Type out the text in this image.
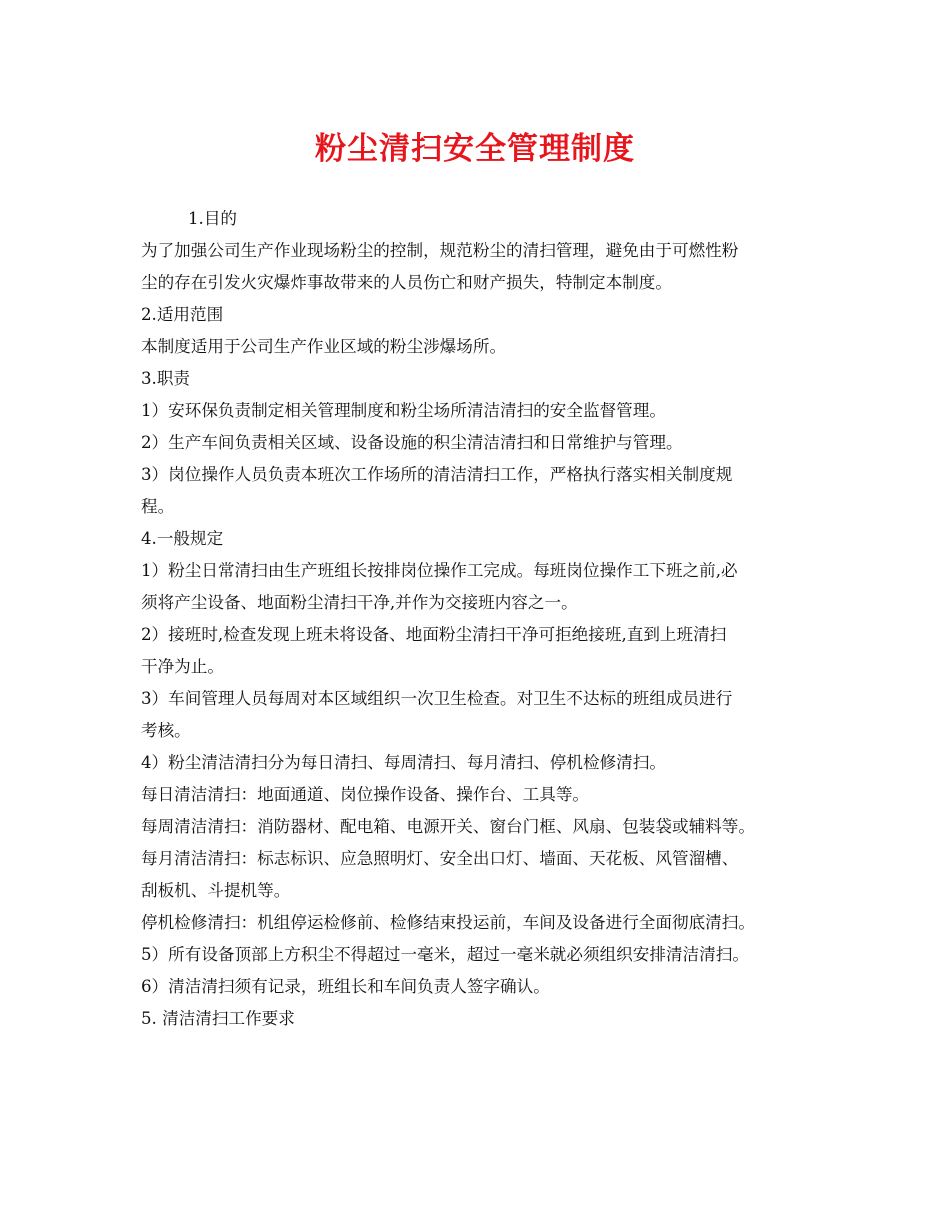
粉尘清扫安全管理制度
1.目的
为了加强公司生产作业现场粉尘的控制，规范粉尘的清扫管理，避免由于可燃性粉
尘的存在引发火灾爆炸事故带来的人员伤亡和财产损失，特制定本制度。
2.适用范围
本制度适用于公司生产作业区域的粉尘涉爆场所。
3.职责
1）安环保负责制定相关管理制度和粉尘场所清洁清扫的安全监督管理。
2）生产车间负责相关区域、设备设施的积尘清洁清扫和日常维护与管理。
3）岗位操作人员负责本班次工作场所的清洁清扫工作，严格执行落实相关制度规
程。
4.一般规定
1）粉尘日常清扫由生产班组长按排岗位操作工完成。每班岗位操作工下班之前,必
须将产尘设备、地面粉尘清扫干净,并作为交接班内容之一。
2）接班时,检查发现上班未将设备、地面粉尘清扫干净可拒绝接班,直到上班清扫
干净为止。
3）车间管理人员每周对本区域组织一次卫生检查。对卫生不达标的班组成员进行
考核。
4）粉尘清洁清扫分为每日清扫、每周清扫、每月清扫、停机检修清扫。
每日清洁清扫：地面通道、岗位操作设备、操作台、工具等。
每周清洁清扫：消防器材、配电箱、电源开关、窗台门框、风扇、包装袋或辅料等。
每月清洁清扫：标志标识、应急照明灯、安全出口灯、墙面、天花板、风管溜槽、
刮板机、斗提机等。
停机检修清扫：机组停运检修前、检修结束投运前，车间及设备进行全面彻底清扫。
5）所有设备顶部上方积尘不得超过一毫米，超过一毫米就必须组织安排清洁清扫。
6）清洁清扫须有记录，班组长和车间负责人签字确认。
5. 清洁清扫工作要求
